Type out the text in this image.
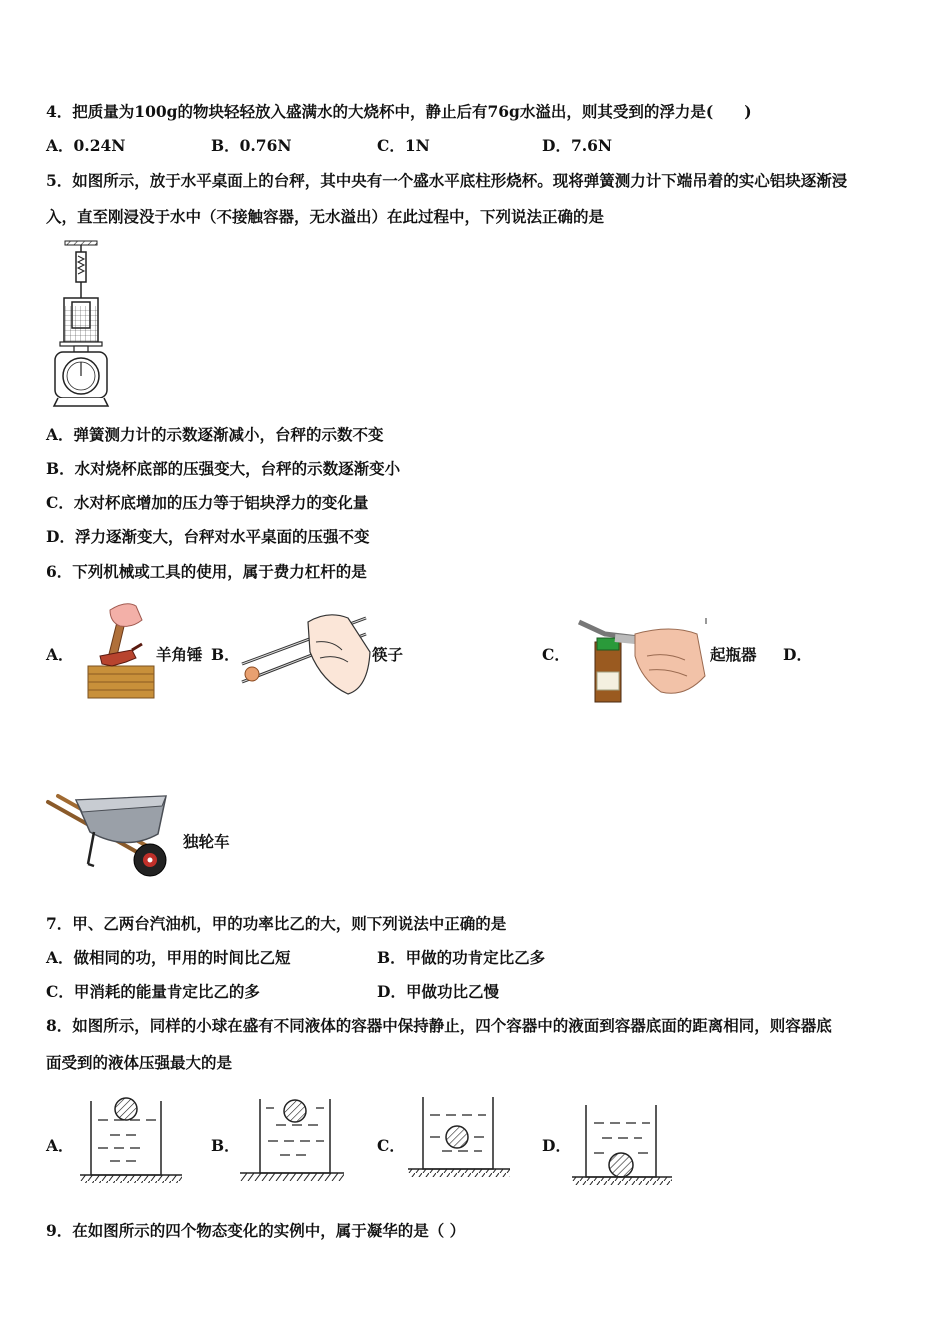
4．把质量为100g的物块轻轻放入盛满水的大烧杯中，静止后有76g水溢出，则其受到的浮力是(　　)
A．0.24N	B．0.76N	C．1N	D．7.6N
5．如图所示，放于水平桌面上的台秤，其中央有一个盛水平底柱形烧杯。现将弹簧测力计下端吊着的实心铝块逐渐浸
入，直至刚浸没于水中（不接触容器，无水溢出）在此过程中，下列说法正确的是
A．弹簧测力计的示数逐渐减小，台秤的示数不变
B．水对烧杯底部的压强变大，台秤的示数逐渐变小
C．水对杯底增加的压力等于铝块浮力的变化量
D．浮力逐渐变大，台秤对水平桌面的压强不变
6．下列机械或工具的使用，属于费力杠杆的是
A．	羊角锤 B．	筷子	C．	起瓶器 D．
独轮车
7．甲、乙两台汽油机，甲的功率比乙的大，则下列说法中正确的是
A．做相同的功，甲用的时间比乙短	B．甲做的功肯定比乙多
C．甲消耗的能量肯定比乙的多	D．甲做功比乙慢
8．如图所示，同样的小球在盛有不同液体的容器中保持静止，四个容器中的液面到容器底面的距离相同，则容器底
面受到的液体压强最大的是
A．	B．	C．	D．
9．在如图所示的四个物态变化的实例中，属于凝华的是（ ）
